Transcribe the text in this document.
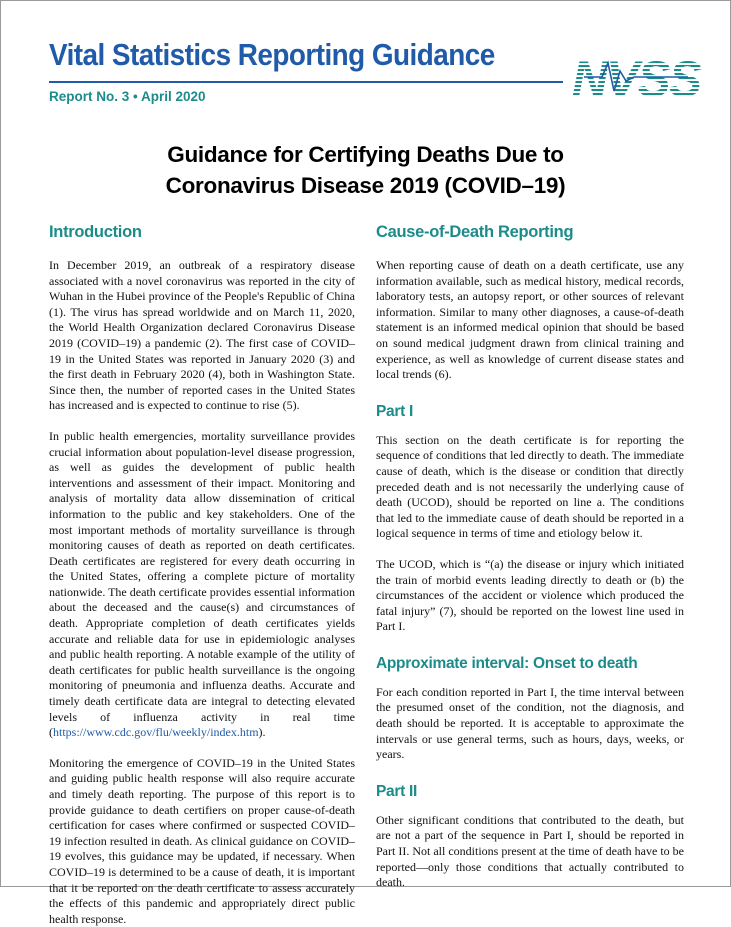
Vital Statistics Reporting Guidance
Report No. 3 • April 2020	NVSS
Guidance for Certifying Deaths Due to
Coronavirus Disease 2019 (COVID–19)
Introduction

In December 2019, an outbreak of a respiratory disease associated with a novel coronavirus was reported in the city of Wuhan in the Hubei province of the People's Republic of China (1). The virus has spread worldwide and on March 11, 2020, the World Health Organization declared Coronavirus Disease 2019 (COVID–19) a pandemic (2). The first case of COVID–19 in the United States was reported in January 2020 (3) and the first death in February 2020 (4), both in Washington State. Since then, the number of reported cases in the United States has increased and is expected to continue to rise (5).

In public health emergencies, mortality surveillance provides crucial information about population-level disease progression, as well as guides the development of public health interventions and assessment of their impact. Monitoring and analysis of mortality data allow dissemination of critical information to the public and key stakeholders. One of the most important methods of mortality surveillance is through monitoring causes of death as reported on death certificates. Death certificates are registered for every death occurring in the United States, offering a complete picture of mortality nationwide. The death certificate provides essential information about the deceased and the cause(s) and circumstances of death. Appropriate completion of death certificates yields accurate and reliable data for use in epidemiologic analyses and public health reporting. A notable example of the utility of death certificates for public health surveillance is the ongoing monitoring of pneumonia and influenza deaths. Accurate and timely death certificate data are integral to detecting elevated levels of influenza activity in real time (https://www.cdc.gov/flu/weekly/index.htm).

Monitoring the emergence of COVID–19 in the United States and guiding public health response will also require accurate and timely death reporting. The purpose of this report is to provide guidance to death certifiers on proper cause-of-death certification for cases where confirmed or suspected COVID–19 infection resulted in death. As clinical guidance on COVID–19 evolves, this guidance may be updated, if necessary. When COVID–19 is determined to be a cause of death, it is important that it be reported on the death certificate to assess accurately the effects of this pandemic and appropriately direct public health response.

Cause-of-Death Reporting

When reporting cause of death on a death certificate, use any information available, such as medical history, medical records, laboratory tests, an autopsy report, or other sources of relevant information. Similar to many other diagnoses, a cause-of-death statement is an informed medical opinion that should be based on sound medical judgment drawn from clinical training and experience, as well as knowledge of current disease states and local trends (6).

Part I

This section on the death certificate is for reporting the sequence of conditions that led directly to death. The immediate cause of death, which is the disease or condition that directly preceded death and is not necessarily the underlying cause of death (UCOD), should be reported on line a. The conditions that led to the immediate cause of death should be reported in a logical sequence in terms of time and etiology below it.

The UCOD, which is “(a) the disease or injury which initiated the train of morbid events leading directly to death or (b) the circumstances of the accident or violence which produced the fatal injury” (7), should be reported on the lowest line used in Part I.

Approximate interval: Onset to death

For each condition reported in Part I, the time interval between the presumed onset of the condition, not the diagnosis, and death should be reported. It is acceptable to approximate the intervals or use general terms, such as hours, days, weeks, or years.

Part II

Other significant conditions that contributed to the death, but are not a part of the sequence in Part I, should be reported in Part II. Not all conditions present at the time of death have to be reported—only those conditions that actually contributed to death.
